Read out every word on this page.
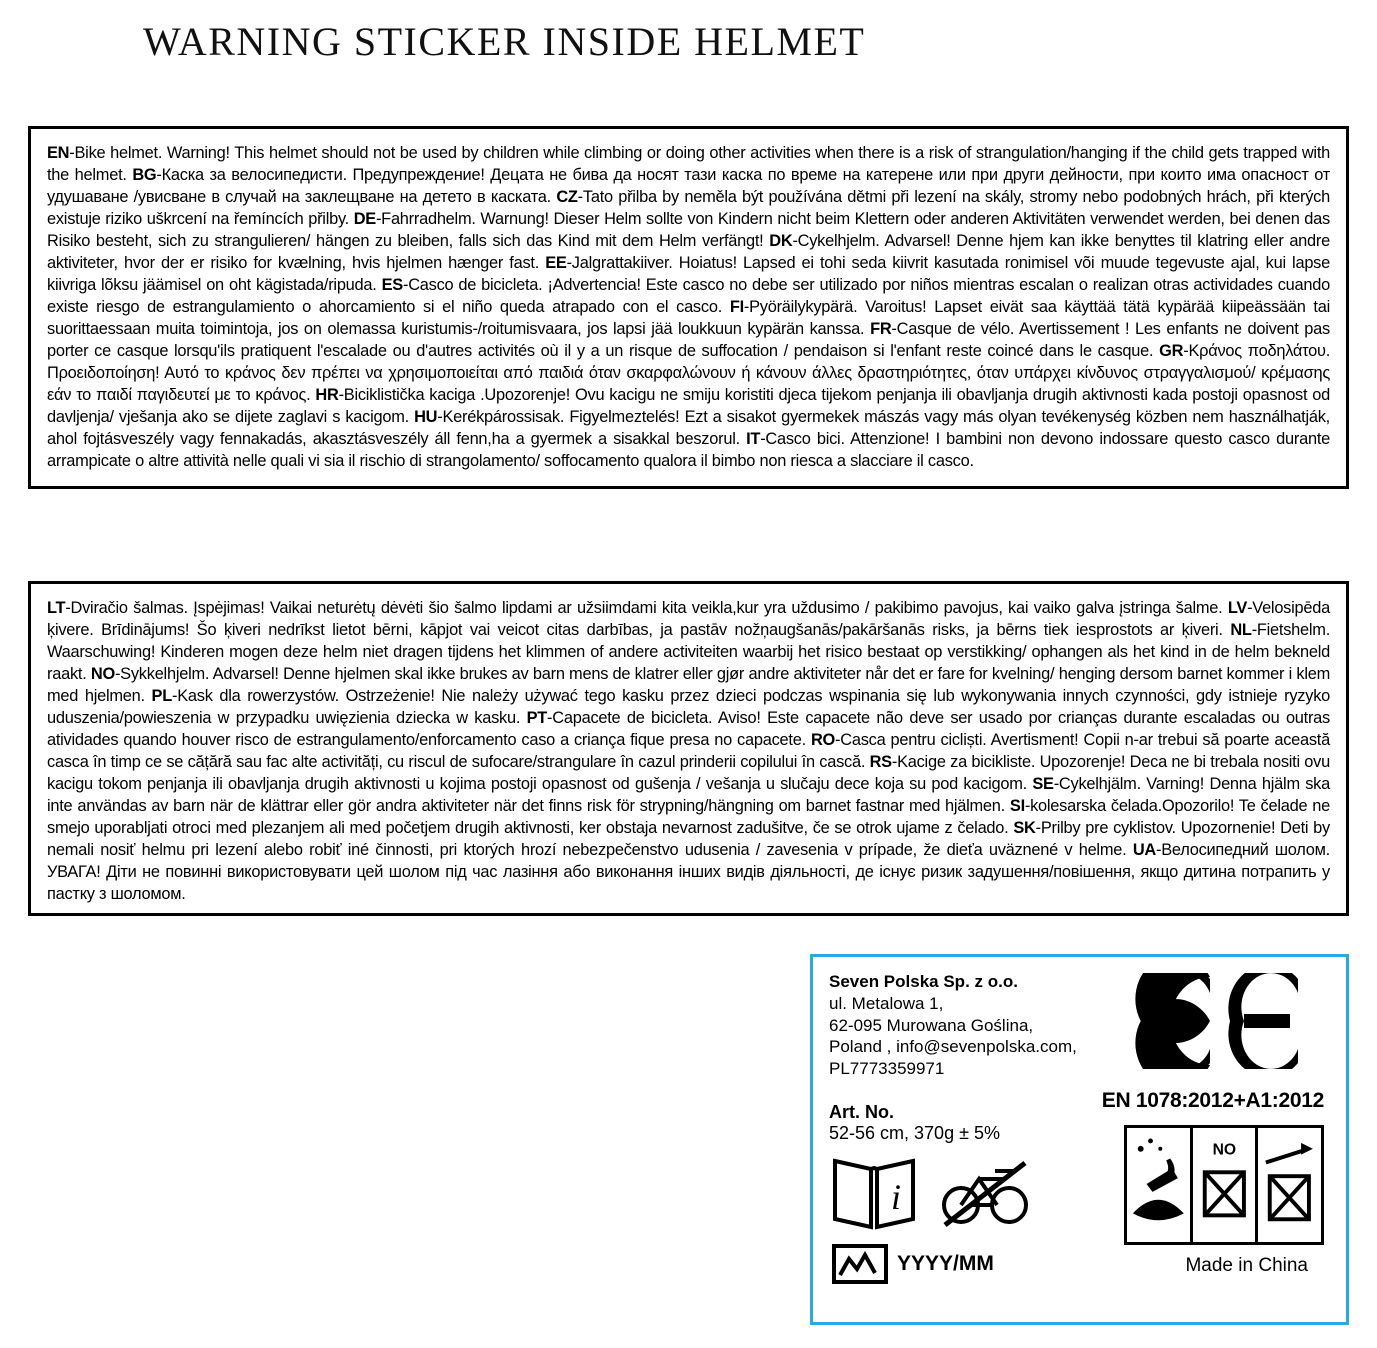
WARNING STICKER INSIDE HELMET
EN-Bike helmet. Warning! This helmet should not be used by children while climbing or doing other activities when there is a risk of strangulation/hanging if the child gets trapped with the helmet. BG-Каска за велосипедисти. Предупреждение! Децата не бива да носят тази каска по време на катерене или при други дейности, при които има опасност от удушаване /увисване в случай на заклещване на детето в каската. CZ-Tato přilba by neměla být používána dětmi při lezení na skály, stromy nebo podobných hrách, při kterých existuje riziko uškrcení na řemíncích přilby. DE-Fahrradhelm. Warnung! Dieser Helm sollte von Kindern nicht beim Klettern oder anderen Aktivitäten verwendet werden, bei denen das Risiko besteht, sich zu strangulieren/ hängen zu bleiben, falls sich das Kind mit dem Helm verfängt! DK-Cykelhjelm. Advarsel! Denne hjem kan ikke benyttes til klatring eller andre aktiviteter, hvor der er risiko for kvælning, hvis hjelmen hænger fast. EE-Jalgrattakiiver. Hoiatus! Lapsed ei tohi seda kiivrit kasutada ronimisel või muude tegevuste ajal, kui lapse kiivriga lõksu jäämisel on oht kägistada/ripuda. ES-Casco de bicicleta. ¡Advertencia! Este casco no debe ser utilizado por niños mientras escalan o realizan otras actividades cuando existe riesgo de estrangulamiento o ahorcamiento si el niño queda atrapado con el casco. FI-Pyöräilykypärä. Varoitus! Lapset eivät saa käyttää tätä kypärää kiipeässään tai suorittaessaan muita toimintoja, jos on olemassa kuristumis-/roitumisvaara, jos lapsi jää loukkuun kypärän kanssa. FR-Casque de vélo. Avertissement ! Les enfants ne doivent pas porter ce casque lorsqu'ils pratiquent l'escalade ou d'autres activités où il y a un risque de suffocation / pendaison si l'enfant reste coincé dans le casque. GR-Κράνος ποδηλάτου. Προειδοποίηση! Αυτό το κράνος δεν πρέπει να χρησιμοποιείται από παιδιά όταν σκαρφαλώνουν ή κάνουν άλλες δραστηριότητες, όταν υπάρχει κίνδυνος στραγγαλισμού/ κρέμασης εάν το παιδί παγιδευτεί με το κράνος. HR-Biciklistička kaciga .Upozorenje! Ovu kacigu ne smiju koristiti djeca tijekom penjanja ili obavljanja drugih aktivnosti kada postoji opasnost od davljenja/ vješanja ako se dijete zaglavi s kacigom. HU-Kerékpárossisak. Figyelmeztelés! Ezt a sisakot gyermekek mászás vagy más olyan tevékenység közben nem használhatják, ahol fojtásveszély vagy fennakadás, akasztásveszély áll fenn,ha a gyermek a sisakkal beszorul. IT-Casco bici. Attenzione! I bambini non devono indossare questo casco durante arrampicate o altre attività nelle quali vi sia il rischio di strangolamento/ soffocamento qualora il bimbo non riesca a slacciare il casco.
LT-Dviračio šalmas. Įspėjimas! Vaikai neturėtų dėvėti šio šalmo lipdami ar užsiimdami kita veikla,kur yra uždusimo / pakibimo pavojus, kai vaiko galva įstringa šalme. LV-Velosipēda ķivere. Brīdinājums! Šo ķiveri nedrīkst lietot bērni, kāpjot vai veicot citas darbības, ja pastāv nožņaugšanās/pakāršanās risks, ja bērns tiek iesprostots ar ķiveri. NL-Fietshelm. Waarschuwing! Kinderen mogen deze helm niet dragen tijdens het klimmen of andere activiteiten waarbij het risico bestaat op verstikking/ ophangen als het kind in de helm bekneld raakt. NO-Sykkelhjelm. Advarsel! Denne hjelmen skal ikke brukes av barn mens de klatrer eller gjør andre aktiviteter når det er fare for kvelning/ henging dersom barnet kommer i klem med hjelmen. PL-Kask dla rowerzystów. Ostrzeżenie! Nie należy używać tego kasku przez dzieci podczas wspinania się lub wykonywania innych czynności, gdy istnieje ryzyko uduszenia/powieszenia w przypadku uwięzienia dziecka w kasku. PT-Capacete de bicicleta. Aviso! Este capacete não deve ser usado por crianças durante escaladas ou outras atividades quando houver risco de estrangulamento/enforcamento caso a criança fique presa no capacete. RO-Casca pentru cicliști. Avertisment! Copii n-ar trebui să poarte această casca în timp ce se cățără sau fac alte activități, cu riscul de sufocare/strangulare în cazul prinderii copilului în cască. RS-Kacige za bicikliste. Upozorenje! Deca ne bi trebala nositi ovu kacigu tokom penjanja ili obavljanja drugih aktivnosti u kojima postoji opasnost od gušenja / vešanja u slučaju dece koja su pod kacigom. SE-Cykelhjälm. Varning! Denna hjälm ska inte användas av barn när de klättrar eller gör andra aktiviteter när det finns risk för strypning/hängning om barnet fastnar med hjälmen. SI-kolesarska čelada.Opozorilo! Te čelade ne smejo uporabljati otroci med plezanjem ali med početjem drugih aktivnosti, ker obstaja nevarnost zadušitve, če se otrok ujame z čelado. SK-Prilby pre cyklistov. Upozornenie! Deti by nemali nosiť helmu pri lezení alebo robiť iné činnosti, pri ktorých hrozí nebezpečenstvo udusenia / zavesenia v prípade, že dieťa uväznené v helme. UA-Велосипедний шолом. УВАГА! Діти не повинні використовувати цей шолом під час лазіння або виконання інших видів діяльності, де існує ризик задушення/повішення, якщо дитина потрапить у пастку з шоломом.
Seven Polska Sp. z o.o.
ul. Metalowa 1,
62-095 Murowana Goślina,
Poland , info@sevenpolska.com,
PL7773359971
Art. No.
52-56 cm, 370g ± 5%
EN 1078:2012+A1:2012
i
YYYY/MM
NO
Made in China
